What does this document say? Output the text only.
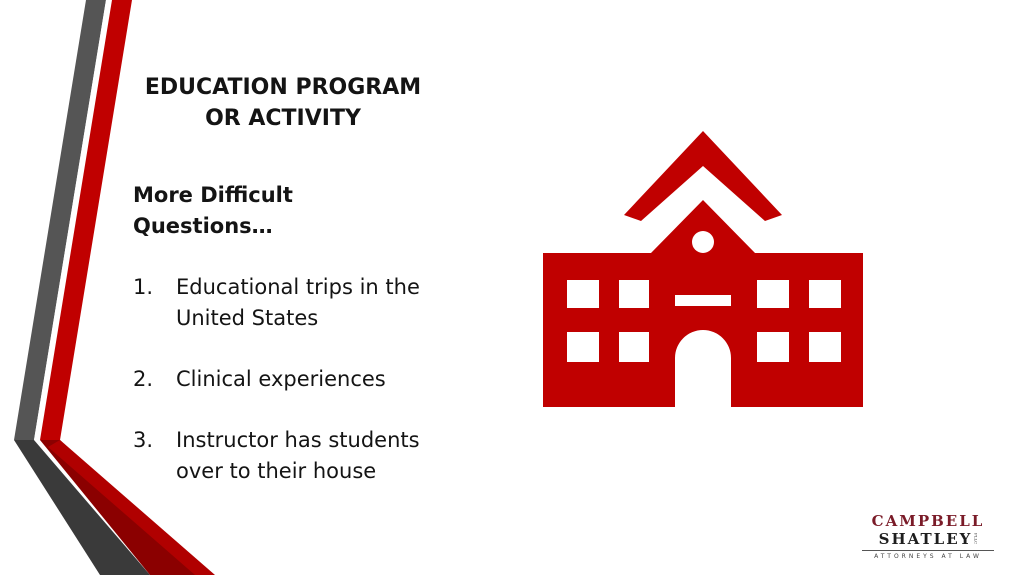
EDUCATION PROGRAM
OR ACTIVITY
More Difficult
Questions…
1. Educational trips in the
United States
2. Clinical experiences
3. Instructor has students
over to their house
CAMPBELL
SHATLEY PLLC
ATTORNEYS AT LAW
